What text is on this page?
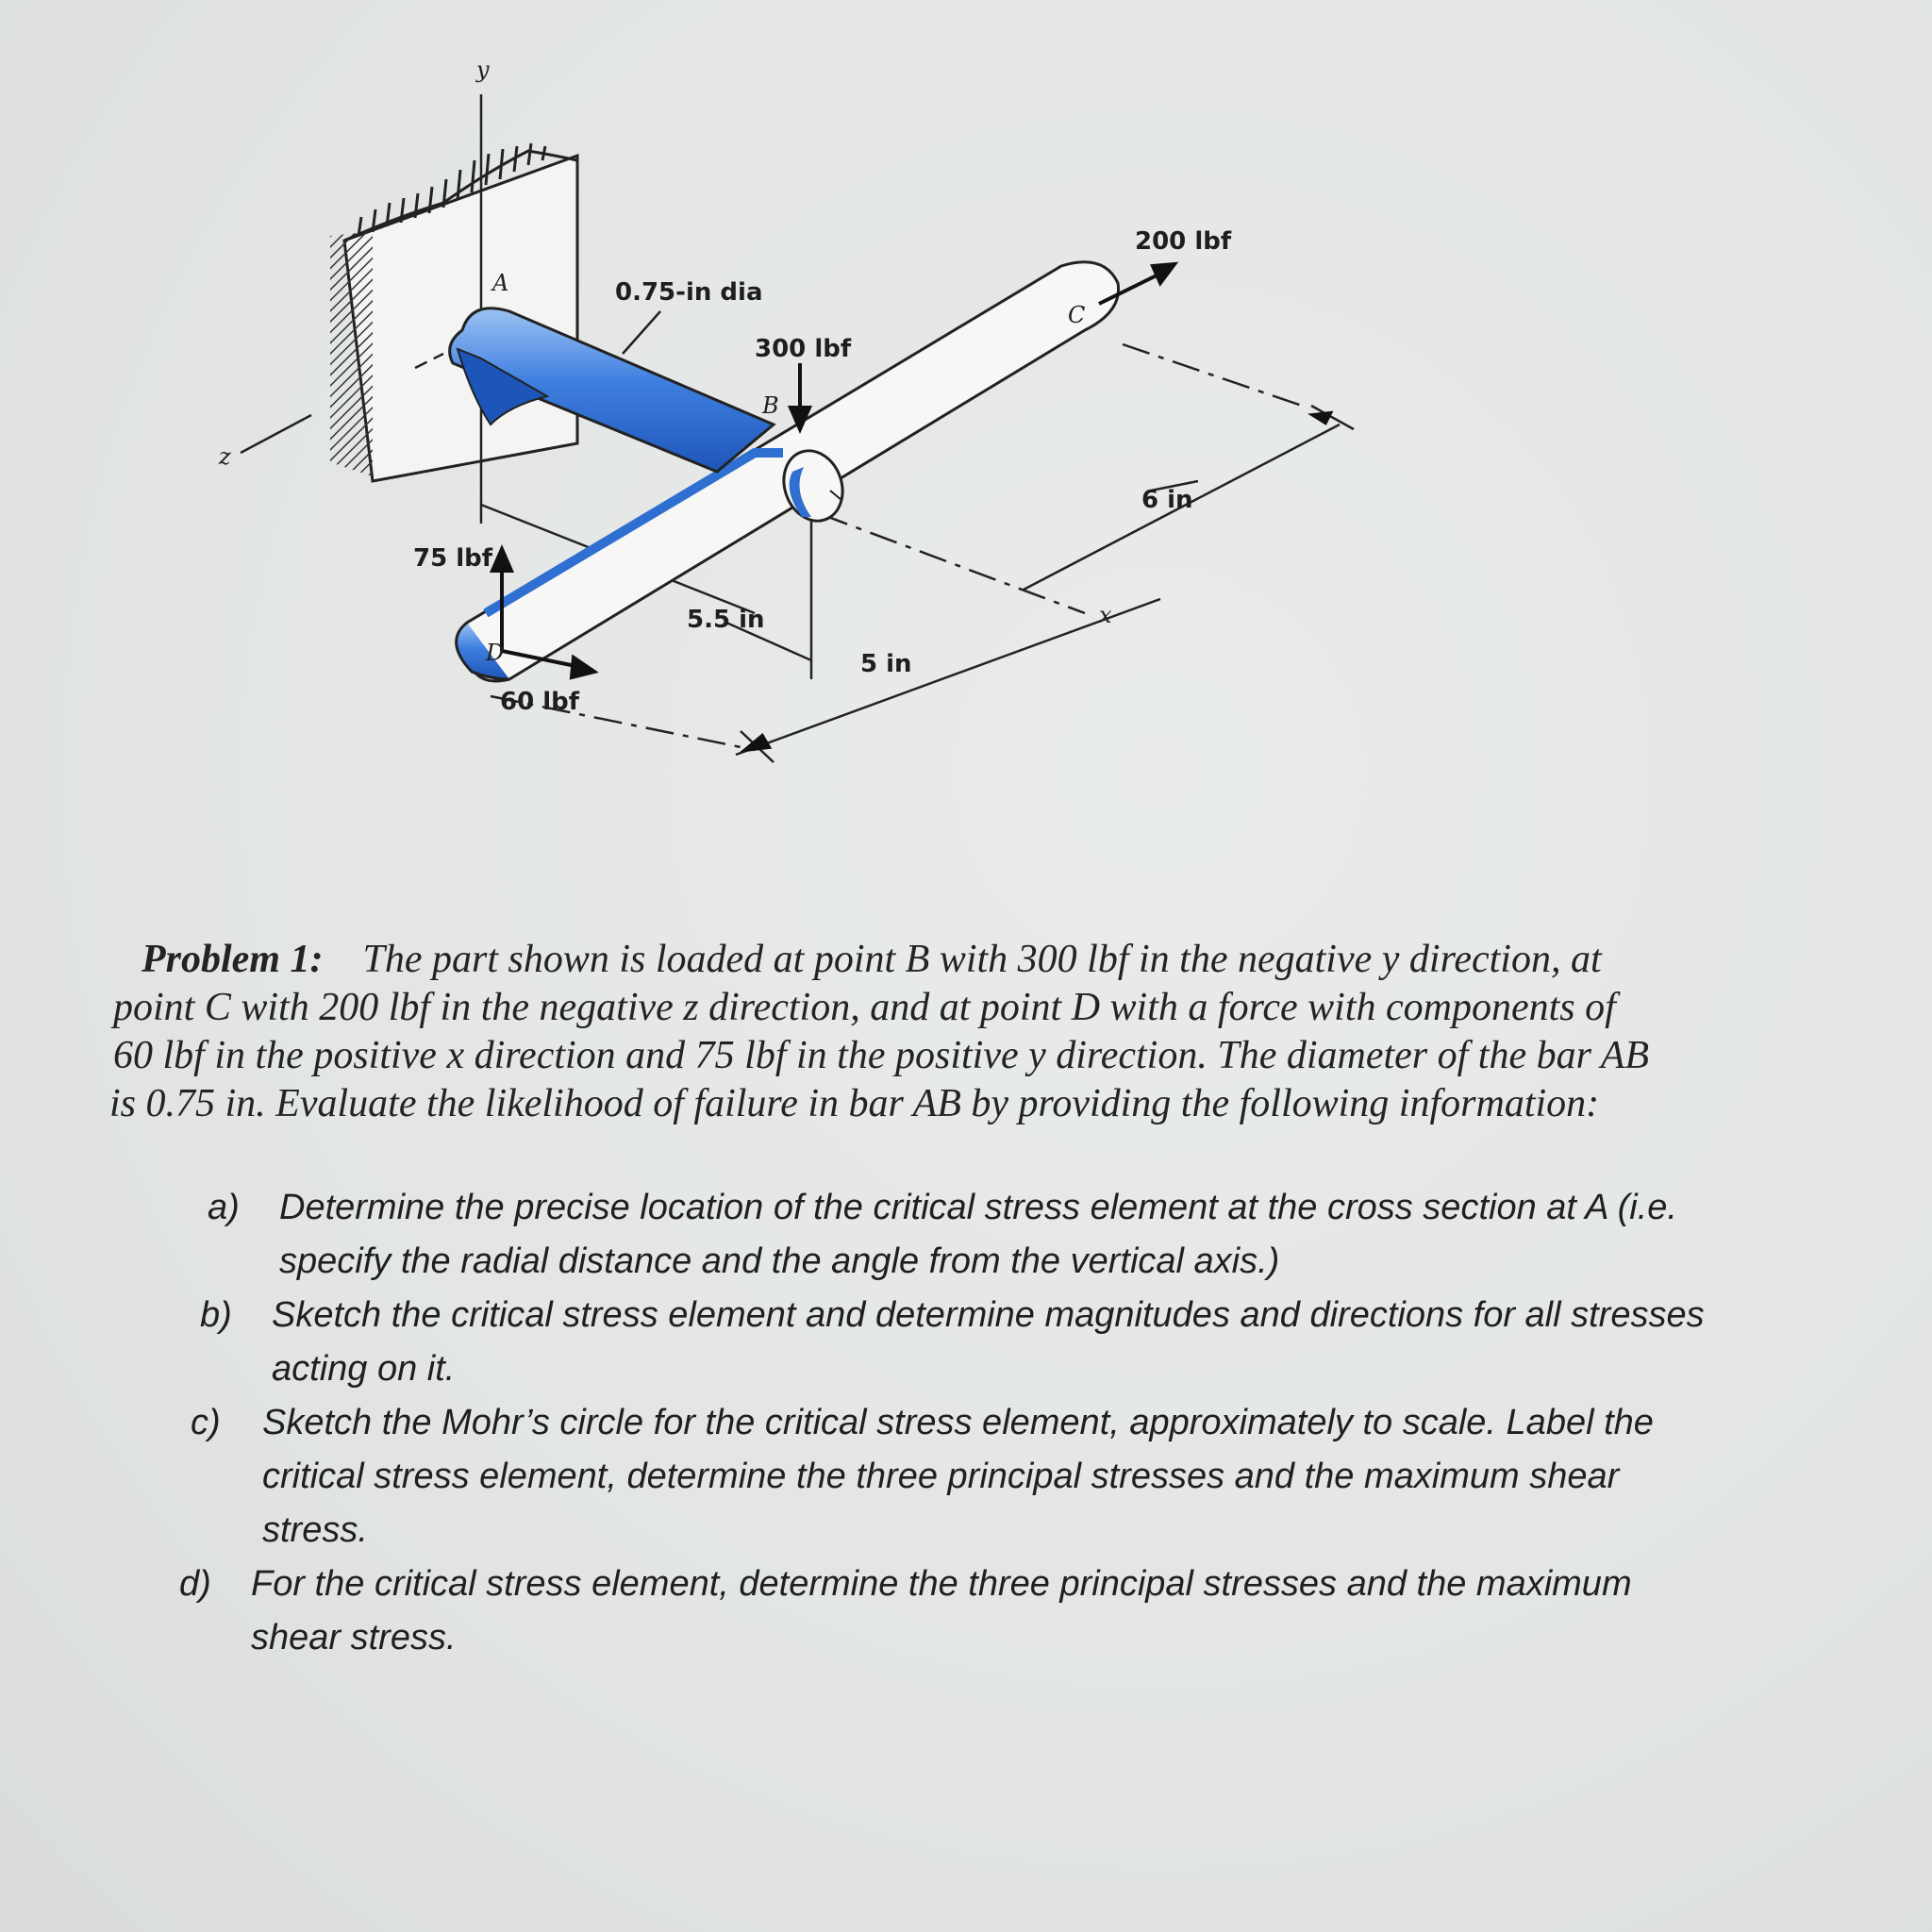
y
z
x
A
B
C
D
0.75-in dia
300 lbf
200 lbf
75 lbf
60 lbf
5.5 in
5 in
6 in
Problem 1: The part shown is loaded at point B with 300 lbf in the negative y direction, at
point C with 200 lbf in the negative z direction, and at point D with a force with components of
60 lbf in the positive x direction and 75 lbf in the positive y direction. The diameter of the bar AB
is 0.75 in. Evaluate the likelihood of failure in bar AB by providing the following information:
a) Determine the precise location of the critical stress element at the cross section at A (i.e.
specify the radial distance and the angle from the vertical axis.)
b) Sketch the critical stress element and determine magnitudes and directions for all stresses
acting on it.
c) Sketch the Mohr’s circle for the critical stress element, approximately to scale. Label the
critical stress element, determine the three principal stresses and the maximum shear
stress.
d) For the critical stress element, determine the three principal stresses and the maximum
shear stress.
